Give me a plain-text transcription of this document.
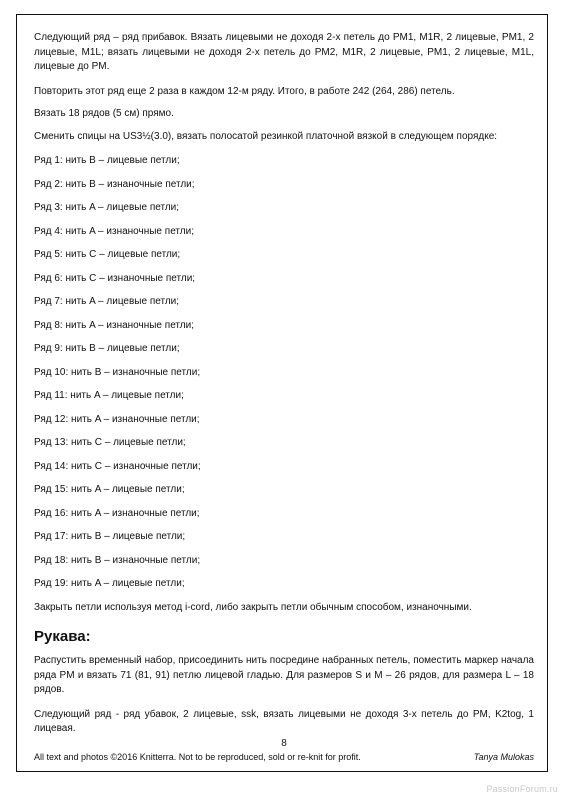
Следующий ряд – ряд прибавок. Вязать лицевыми не доходя 2-х петель до PM1, M1R, 2 лицевые, PM1, 2 лицевые, M1L; вязать лицевыми не доходя 2-х петель до PM2, M1R, 2 лицевые, PM1, 2 лицевые, M1L, лицевые до PM.

Повторить этот ряд еще 2 раза в каждом 12-м ряду. Итого, в работе 242 (264, 286) петель.

Вязать 18 рядов (5 см) прямо.

Сменить спицы на US3½(3.0), вязать полосатой резинкой платочной вязкой в следующем порядке:

Ряд 1: нить B – лицевые петли;

Ряд 2: нить B – изнаночные петли;

Ряд 3: нить A – лицевые петли;

Ряд 4: нить A – изнаночные петли;

Ряд 5: нить C – лицевые петли;

Ряд 6: нить C – изнаночные петли;

Ряд 7: нить A – лицевые петли;

Ряд 8: нить A – изнаночные петли;

Ряд 9: нить B – лицевые петли;

Ряд 10: нить B – изнаночные петли;

Ряд 11: нить A – лицевые петли;

Ряд 12: нить A – изнаночные петли;

Ряд 13: нить C – лицевые петли;

Ряд 14: нить C – изнаночные петли;

Ряд 15: нить A – лицевые петли;

Ряд 16: нить A – изнаночные петли;

Ряд 17: нить B – лицевые петли;

Ряд 18: нить B – изнаночные петли;

Ряд 19: нить A – лицевые петли;

Закрыть петли используя метод i-cord, либо закрыть петли обычным способом, изнаночными.

Рукава:

Распустить временный набор, присоединить нить посредине набранных петель, поместить маркер начала ряда PM и вязать 71 (81, 91) петлю лицевой гладью. Для размеров S и M – 26 рядов, для размера L – 18 рядов.

Следующий ряд - ряд убавок, 2 лицевые, ssk, вязать лицевыми не доходя 3-х петель до PM, K2tog, 1 лицевая.

8
All text and photos ©2016 Knitterra. Not to be reproduced, sold or re-knit for profit.	Tanya Mulokas
PassionForum.ru
